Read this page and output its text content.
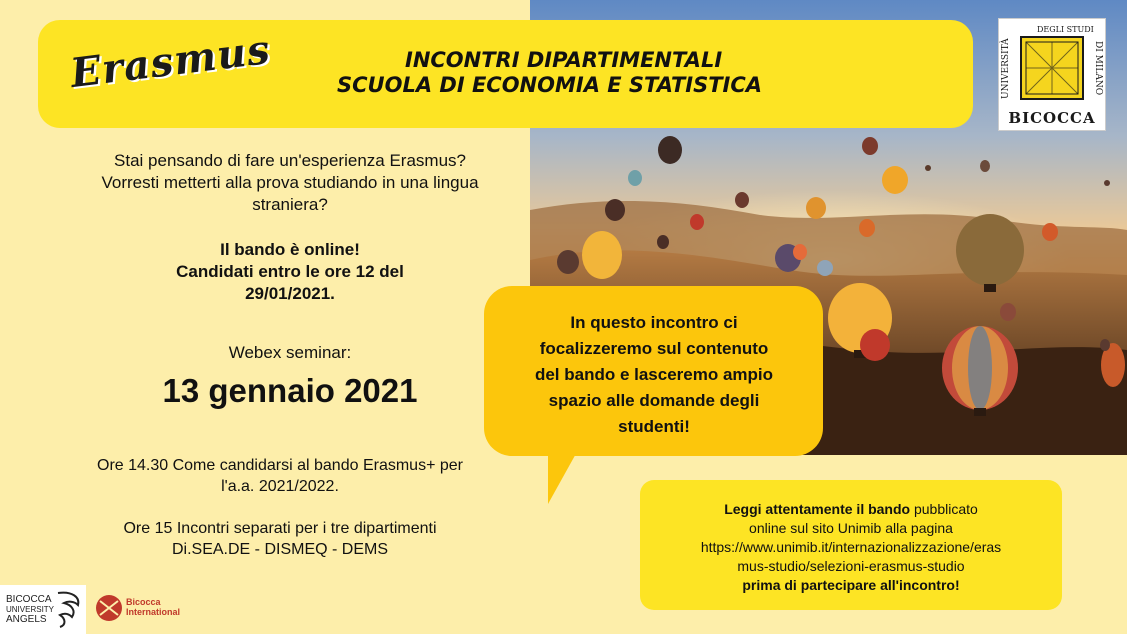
Erasmus	INCONTRI DIPARTIMENTALI
SCUOLA DI ECONOMIA E STATISTICA	UNIVERSITÀ
DEGLI STUDI
DI MILANO
BICOCCA
Stai pensando di fare un'esperienza Erasmus?
Vorresti metterti alla prova studiando in una lingua
straniera?
Il bando è online!
Candidati entro le ore 12 del
29/01/2021.
Webex seminar:
13 gennaio 2021
Ore 14.30 Come candidarsi al bando Erasmus+ per
l'a.a. 2021/2022.
Ore 15 Incontri separati per i tre dipartimenti
Di.SEA.DE - DISMEQ - DEMS
In questo incontro ci
focalizzeremo sul contenuto
del bando e lasceremo ampio
spazio alle domande degli
studenti!
Leggi attentamente il bando pubblicato
online sul sito Unimib alla pagina
https://www.unimib.it/internazionalizzazione/eras
mus-studio/selezioni-erasmus-studio
prima di partecipare all'incontro!
BICOCCA
UNIVERSITY
ANGELS
Bicocca
International
